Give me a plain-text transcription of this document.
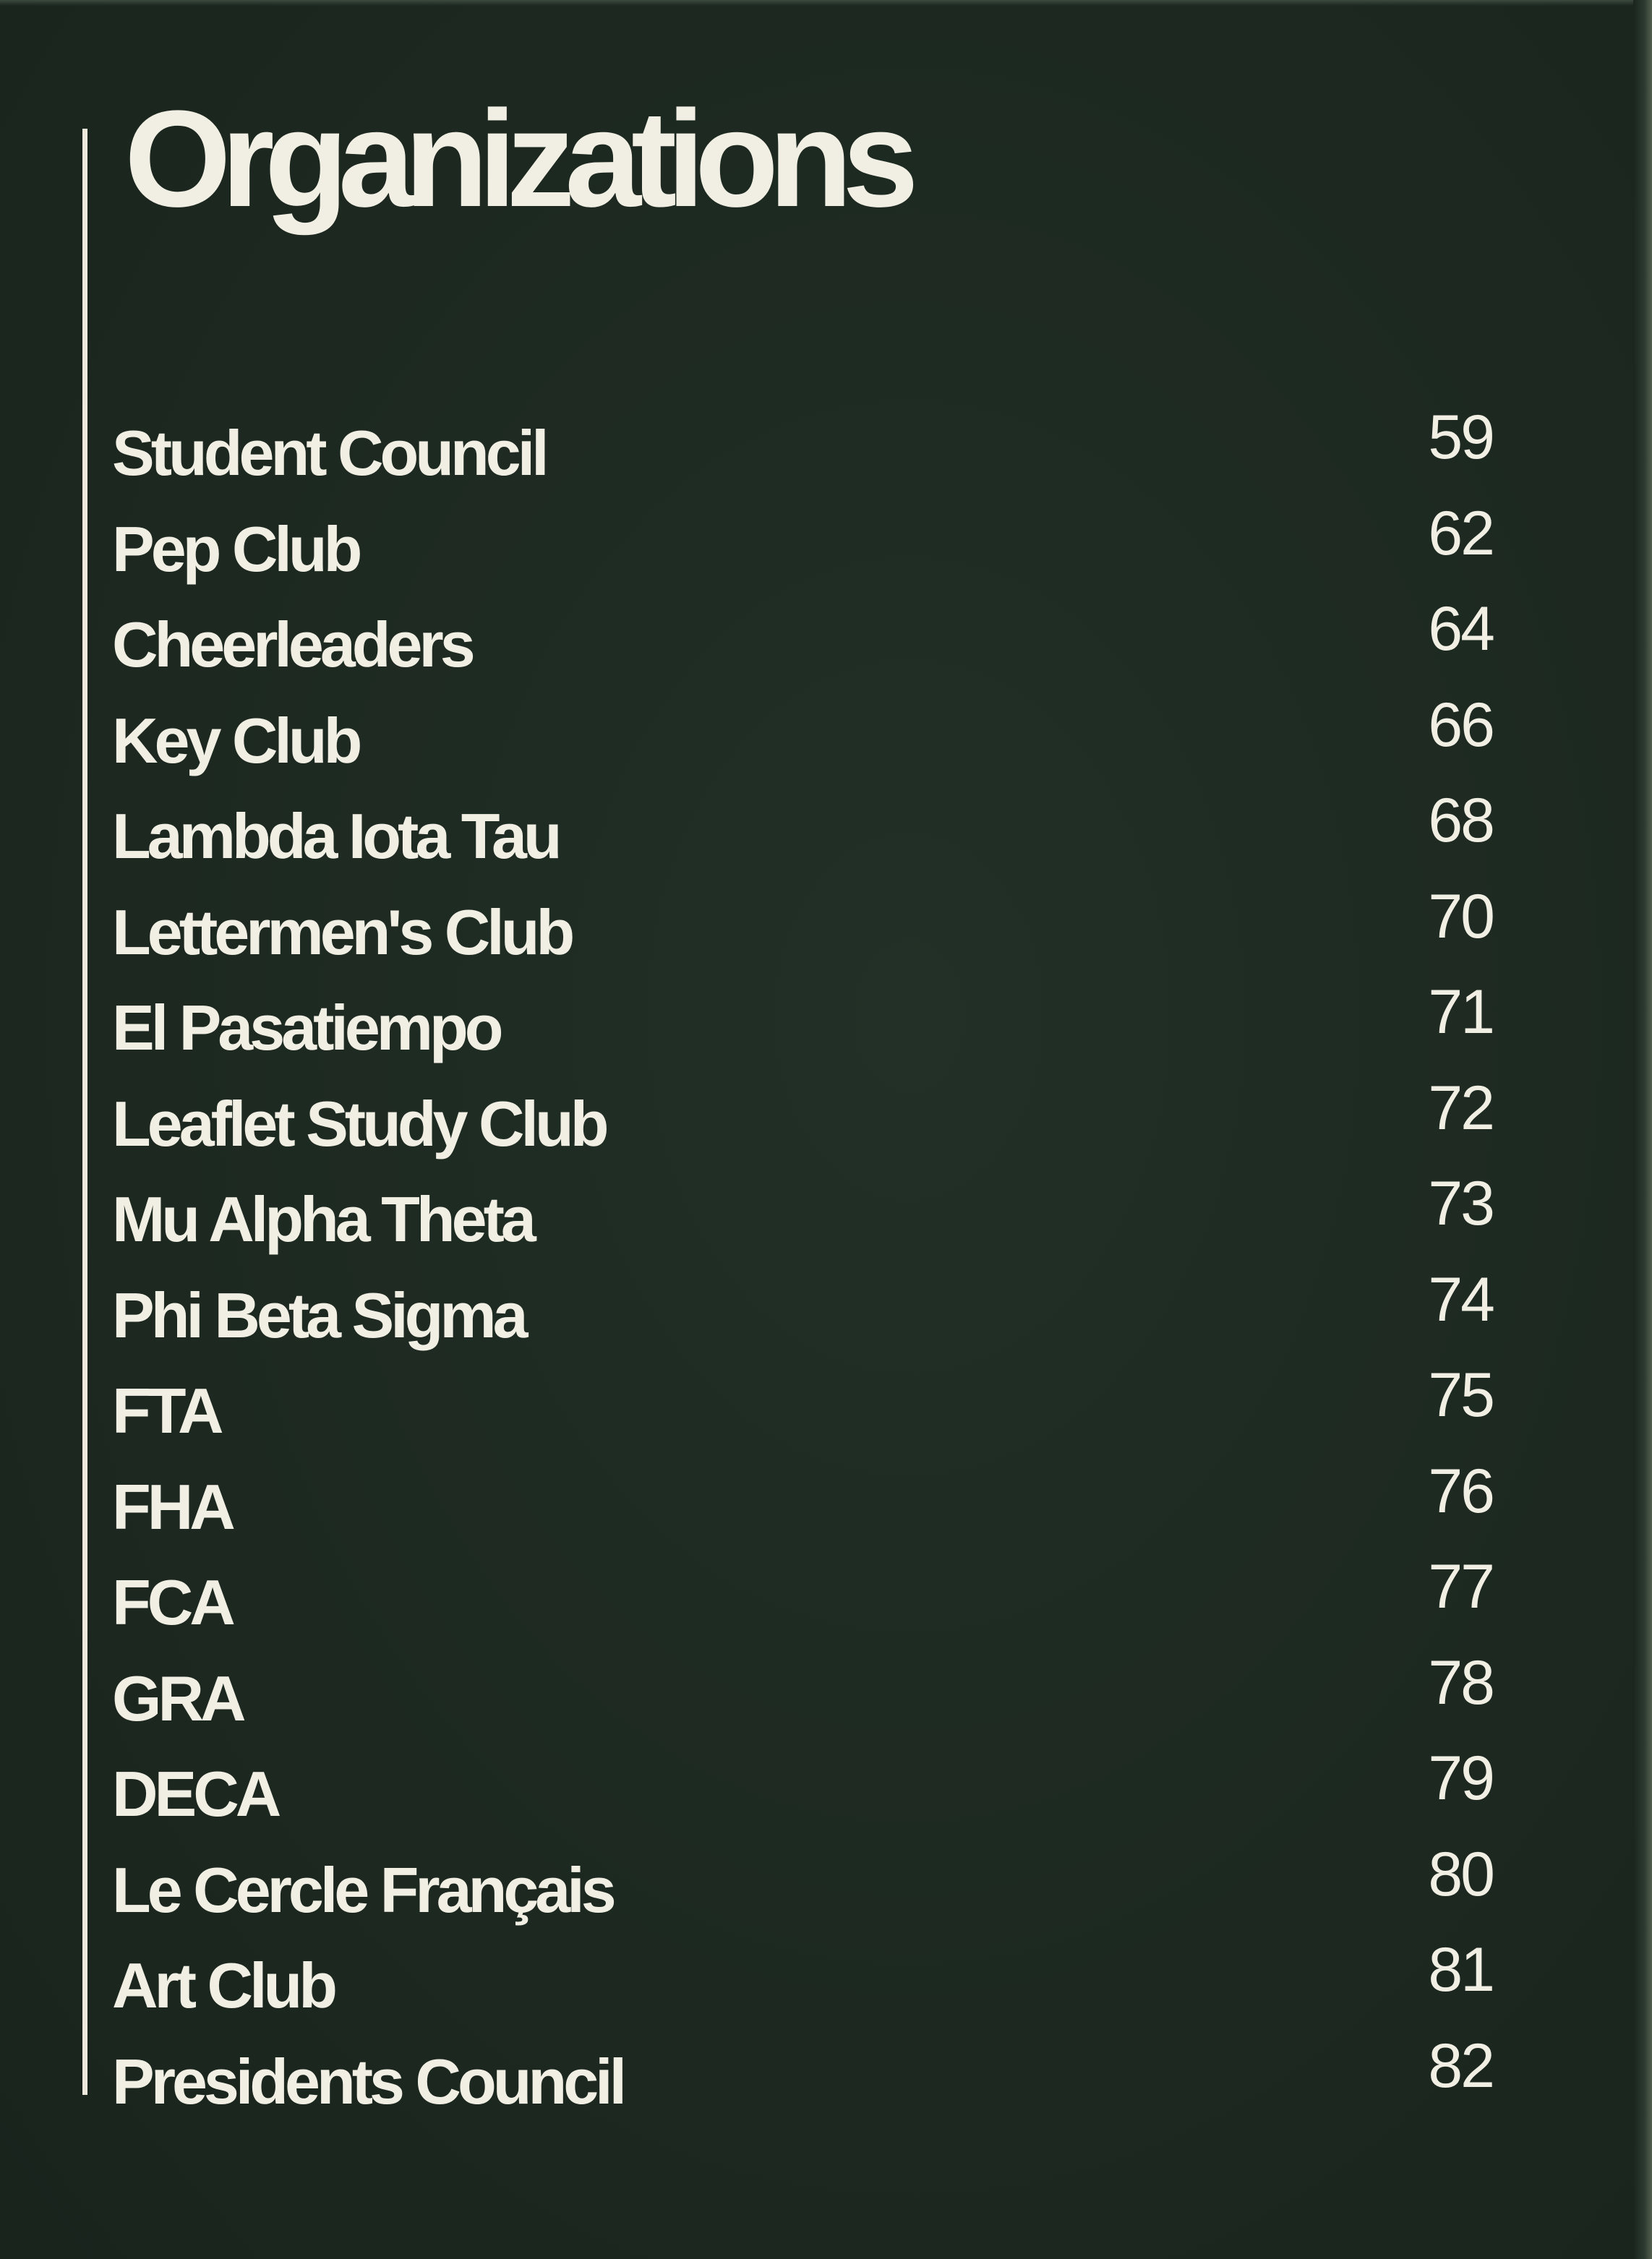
Organizations
Student Council	59
Pep Club	62
Cheerleaders	64
Key Club	66
Lambda Iota Tau	68
Lettermen's Club	70
El Pasatiempo	71
Leaflet Study Club	72
Mu Alpha Theta	73
Phi Beta Sigma	74
FTA	75
FHA	76
FCA	77
GRA	78
DECA	79
Le Cercle Français	80
Art Club	81
Presidents Council	82
